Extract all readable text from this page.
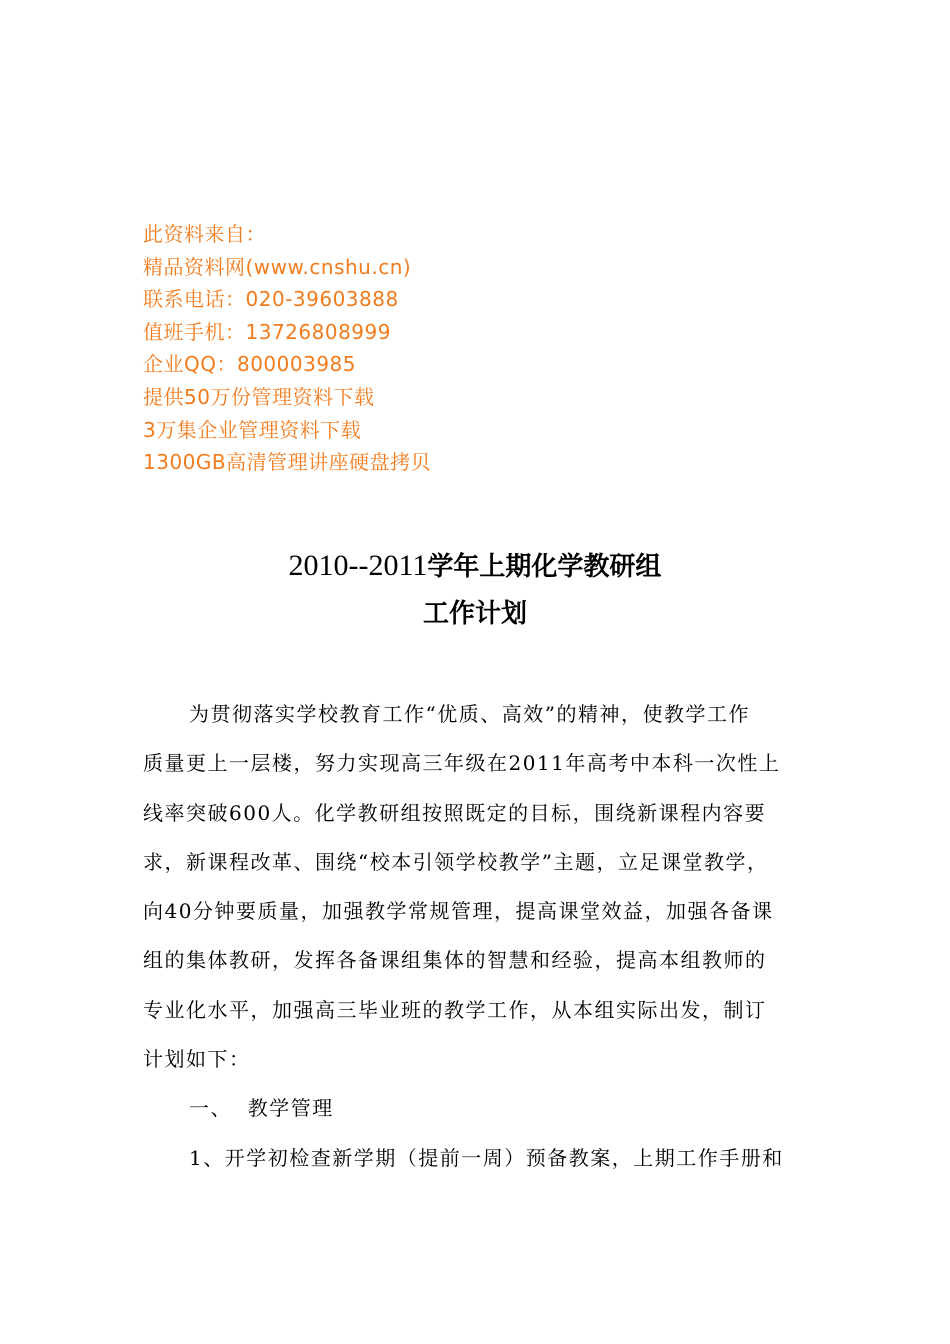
此资料来自：
精品资料网(www.cnshu.cn)
联系电话：020-39603888
值班手机：13726808999
企业QQ：800003985
提供50万份管理资料下载
3万集企业管理资料下载
1300GB高清管理讲座硬盘拷贝
2010--2011学年上期化学教研组
工作计划
为贯彻落实学校教育工作“优质、高效”的精神，使教学工作
质量更上一层楼，努力实现高三年级在2011年高考中本科一次性上
线率突破600人。化学教研组按照既定的目标，围绕新课程内容要
求，新课程改革、围绕“校本引领学校教学”主题，立足课堂教学，
向40分钟要质量，加强教学常规管理，提高课堂效益，加强各备课
组的集体教研，发挥各备课组集体的智慧和经验，提高本组教师的
专业化水平，加强高三毕业班的教学工作，从本组实际出发，制订
计划如下：
一、  教学管理
1、开学初检查新学期（提前一周）预备教案，上期工作手册和
